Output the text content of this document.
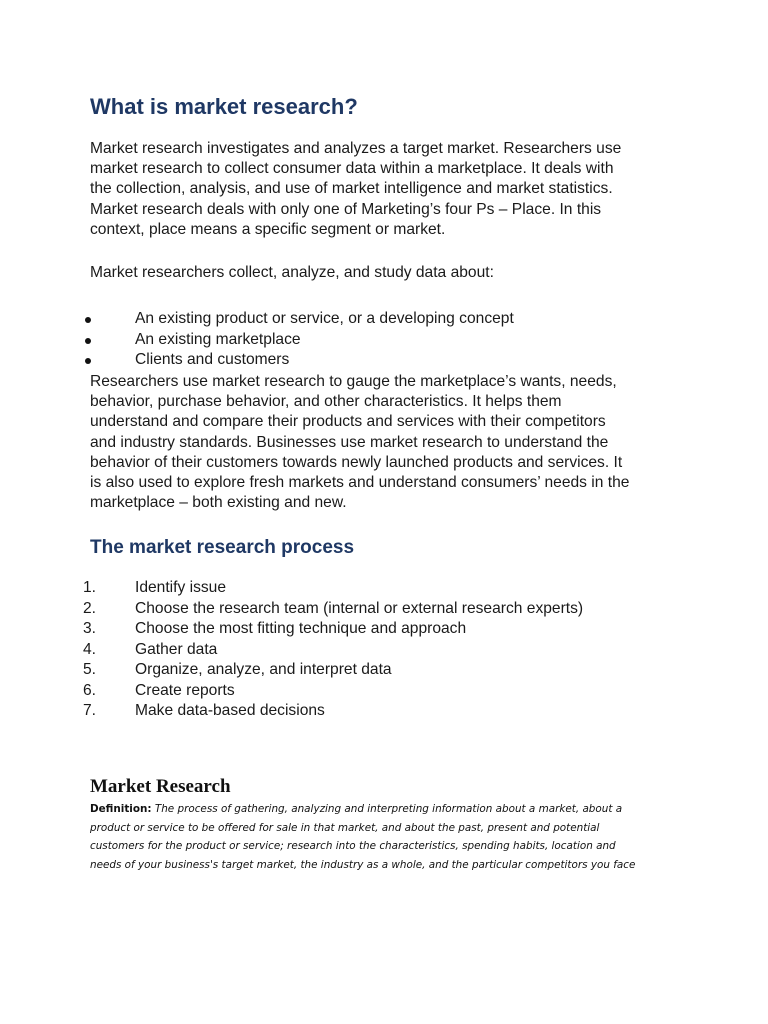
What is market research?

Market research investigates and analyzes a target market. Researchers use
market research to collect consumer data within a marketplace. It deals with
the collection, analysis, and use of market intelligence and market statistics.
Market research deals with only one of Marketing’s four Ps – Place. In this
context, place means a specific segment or market.

Market researchers collect, analyze, and study data about:

An existing product or service, or a developing concept
An existing marketplace
Clients and customers

Researchers use market research to gauge the marketplace’s wants, needs,
behavior, purchase behavior, and other characteristics. It helps them
understand and compare their products and services with their competitors
and industry standards. Businesses use market research to understand the
behavior of their customers towards newly launched products and services. It
is also used to explore fresh markets and understand consumers’ needs in the
marketplace – both existing and new.

The market research process
1. Identify issue
2. Choose the research team (internal or external research experts)
3. Choose the most fitting technique and approach
4. Gather data
5. Organize, analyze, and interpret data
6. Create reports
7. Make data-based decisions
Market Research

Definition: The process of gathering, analyzing and interpreting information about a market, about a
product or service to be offered for sale in that market, and about the past, present and potential
customers for the product or service; research into the characteristics, spending habits, location and
needs of your business's target market, the industry as a whole, and the particular competitors you face
